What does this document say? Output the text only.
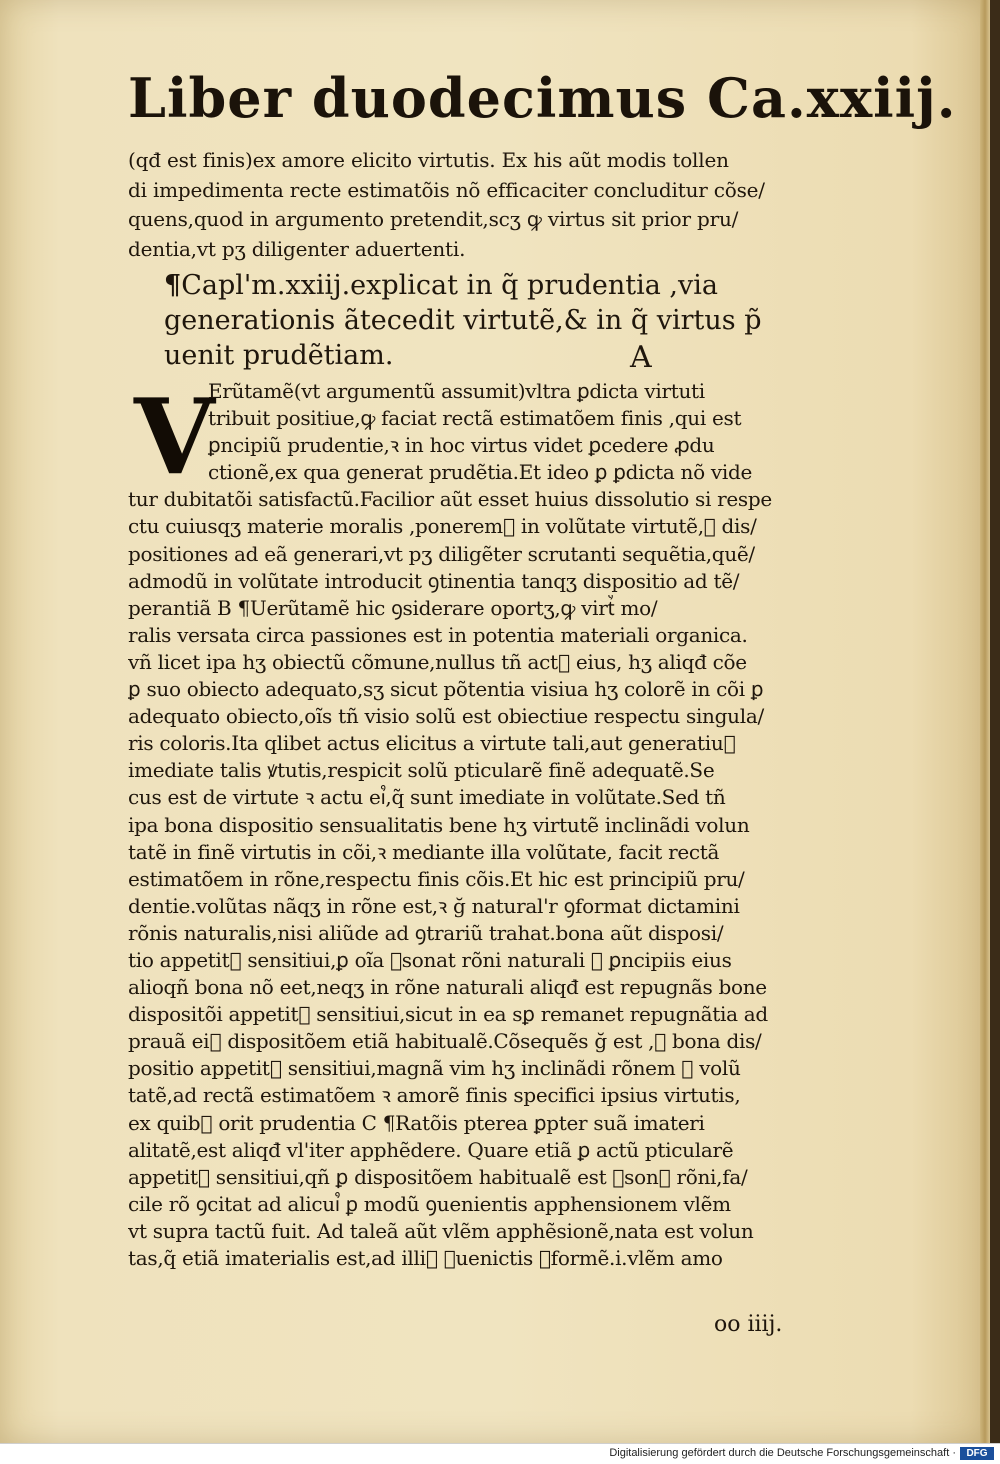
Liber duodecimus Ca.xxiij.
(qđ est finis)ex amore elicito virtutis. Ex his aũt modis tollen
di impedimenta recte estimatõis nõ efficaciter concluditur cõse/
quens,quod in argumento pretendit,scʒ ꝙ virtus sit prior pru/
dentia,vt pʒ diligenter aduertenti.
¶Capl'm.xxiij.explicat in q̃ prudentia ,via
generationis ãtecedit virtutẽ,& in q̃ virtus p̃
uenit prudẽtiam.	A
V
Erũtamẽ(vt argumentũ assumit)vltra ꝑdicta virtuti
tribuit positiue,ꝙ faciat rectã estimatõem finis ,qui est
ꝑncipiũ prudentie,ꝛ in hoc virtus videt ꝑcedere ꝓdu
ctionẽ,ex qua generat prudẽtia.Et ideo ꝑ ꝑdicta nõ vide
tur dubitatõi satisfactũ.Facilior aũt esset huius dissolutio si respe
ctu cuiusqʒ materie moralis ,ponerem᷒ in volũtate virtutẽ,ꝛ dis/
positiones ad eã generari,vt pʒ diligẽter scrutanti sequẽtia,quẽ/
admodũ in volũtate introducit ꝯtinentia tanqʒ dispositio ad tẽ/
perantiã B ¶Uerũtamẽ hic ꝯsiderare oportʒ,ꝙ virt᷒ mo/
ralis versata circa passiones est in potentia materiali organica.
vñ licet ipa hʒ obiectũ cõmune,nullus tñ act᷒ eius, hʒ aliqđ cõe
ꝑ suo obiecto adequato,sʒ sicut põtentia visiua hʒ colorẽ in cõi ꝑ
adequato obiecto,oĩs tñ visio solũ est obiectiue respectu singula/
ris coloris.Ita qlibet actus elicitus a virtute tali,aut generatiu᷒
imediate talis ꝟtutis,respicit solũ pticularẽ finẽ adequatẽ.Se
cus est de virtute ꝛ actu ei᷒,q̃ sunt imediate in volũtate.Sed tñ
ipa bona dispositio sensualitatis bene hʒ virtutẽ inclinãdi volun
tatẽ in finẽ virtutis in cõi,ꝛ mediante illa volũtate, facit rectã
estimatõem in rõne,respectu finis cõis.Et hic est principiũ pru/
dentie.volũtas nãqʒ in rõne est,ꝛ ğ natural'r ꝯformat dictamini
rõnis naturalis,nisi aliũde ad ꝯtrariũ trahat.bona aũt disposi/
tio appetit᷒ sensitiui,ꝑ oĩa ꝯsonat rõni naturali ꝛ ꝑncipiis eius
alioqñ bona nõ eet,neqʒ in rõne naturali aliqđ est repugnãs bone
dispositõi appetit᷒ sensitiui,sicut in ea sꝑ remanet repugnãtia ad
prauã ei᷒ dispositõem etiã habitualẽ.Cõsequẽs ğ est ,ꝙ bona dis/
positio appetit᷒ sensitiui,magnã vim hʒ inclinãdi rõnem ꝛ volũ
tatẽ,ad rectã estimatõem ꝛ amorẽ finis specifici ipsius virtutis,
ex quib᷒ orit prudentia C ¶Ratõis pterea ꝑpter suã imateri
alitatẽ,est aliqđ vl'iter apphẽdere. Quare etiã ꝑ actũ pticularẽ
appetit᷒ sensitiui,qñ ꝑ dispositõem habitualẽ est ꝯson᷒ rõni,fa/
cile rõ ꝯcitat ad alicui᷒ ꝑ modũ ꝯuenientis apphensionem vlẽm
vt supra tactũ fuit. Ad taleã aũt vlẽm apphẽsionẽ,nata est volun
tas,q̃ etiã imaterialis est,ad illi᷒ ꝯuenictis ꝯformẽ.i.vlẽm amo
oo iiij.
Digitalisierung gefördert durch die Deutsche Forschungsgemeinschaft ·	DFG
